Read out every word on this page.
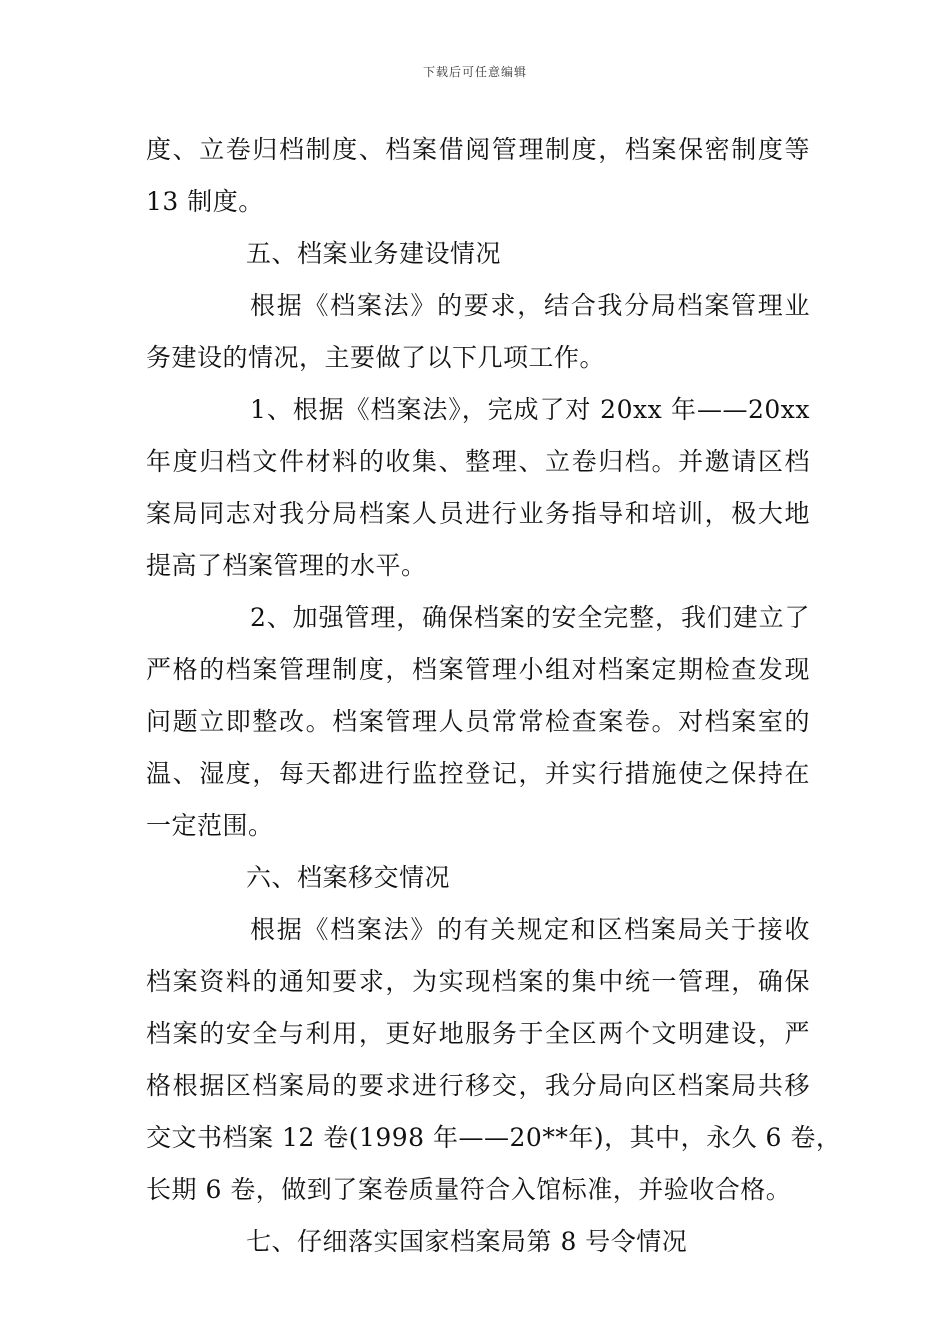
下载后可任意编辑
度、立卷归档制度、档案借阅管理制度，档案保密制度等
13 制度。
五、档案业务建设情况
根据《档案法》的要求，结合我分局档案管理业
务建设的情况，主要做了以下几项工作。
1、根据《档案法》，完成了对 20xx 年——20xx
年度归档文件材料的收集、整理、立卷归档。并邀请区档
案局同志对我分局档案人员进行业务指导和培训，极大地
提高了档案管理的水平。
2、加强管理，确保档案的安全完整，我们建立了
严格的档案管理制度，档案管理小组对档案定期检查发现
问题立即整改。档案管理人员常常检查案卷。对档案室的
温、湿度，每天都进行监控登记，并实行措施使之保持在
一定范围。
六、档案移交情况
根据《档案法》的有关规定和区档案局关于接收
档案资料的通知要求，为实现档案的集中统一管理，确保
档案的安全与利用，更好地服务于全区两个文明建设，严
格根据区档案局的要求进行移交，我分局向区档案局共移
交文书档案 12 卷(1998 年——20**年)，其中，永久 6 卷，
长期 6 卷，做到了案卷质量符合入馆标准，并验收合格。
七、仔细落实国家档案局第 8 号令情况
